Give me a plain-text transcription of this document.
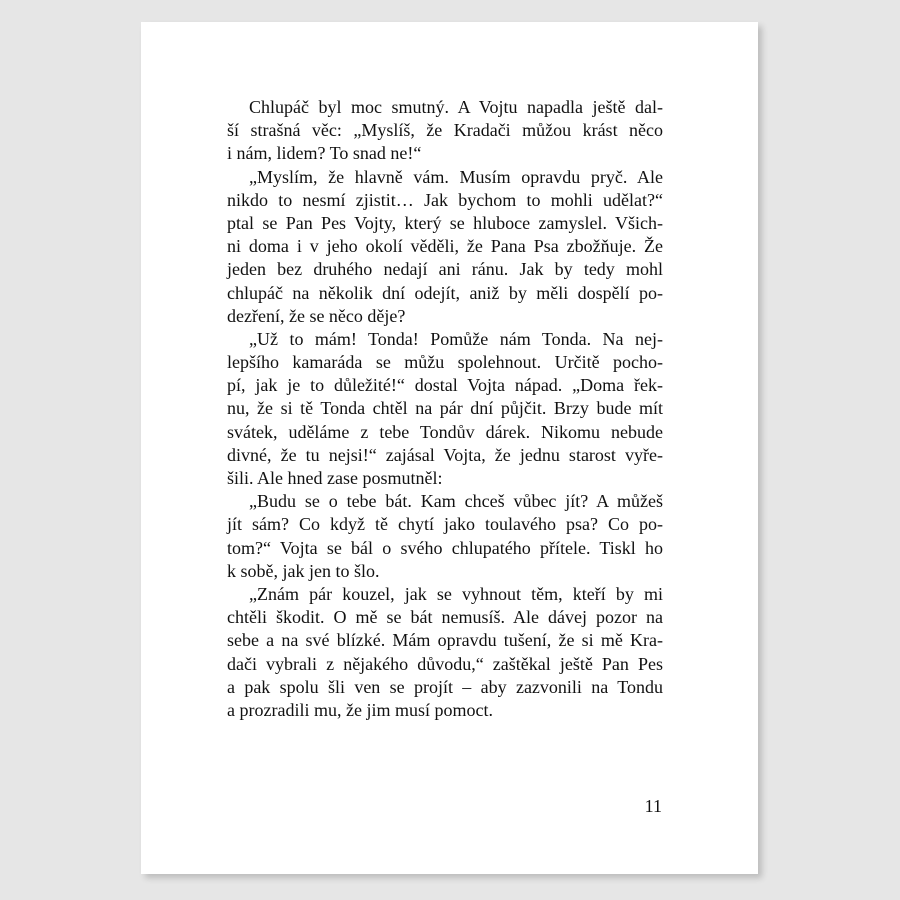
Chlupáč byl moc smutný. A Vojtu napadla ještě dal-
ší strašná věc: „Myslíš, že Kradači můžou krást něco
i nám, lidem? To snad ne!“

„Myslím, že hlavně vám. Musím opravdu pryč. Ale
nikdo to nesmí zjistit… Jak bychom to mohli udělat?“
ptal se Pan Pes Vojty, který se hluboce zamyslel. Všich-
ni doma i v jeho okolí věděli, že Pana Psa zbožňuje. Že
jeden bez druhého nedají ani ránu. Jak by tedy mohl
chlupáč na několik dní odejít, aniž by měli dospělí po-
dezření, že se něco děje?

„Už to mám! Tonda! Pomůže nám Tonda. Na nej-
lepšího kamaráda se můžu spolehnout. Určitě pocho-
pí, jak je to důležité!“ dostal Vojta nápad. „Doma řek-
nu, že si tě Tonda chtěl na pár dní půjčit. Brzy bude mít
svátek, uděláme z tebe Tondův dárek. Nikomu nebude
divné, že tu nejsi!“ zajásal Vojta, že jednu starost vyře-
šili. Ale hned zase posmutněl:

„Budu se o tebe bát. Kam chceš vůbec jít? A můžeš
jít sám? Co když tě chytí jako toulavého psa? Co po-
tom?“ Vojta se bál o svého chlupatého přítele. Tiskl ho
k sobě, jak jen to šlo.

„Znám pár kouzel, jak se vyhnout těm, kteří by mi
chtěli škodit. O mě se bát nemusíš. Ale dávej pozor na
sebe a na své blízké. Mám opravdu tušení, že si mě Kra-
dači vybrali z nějakého důvodu,“ zaštěkal ještě Pan Pes
a pak spolu šli ven se projít – aby zazvonili na Tondu
a prozradili mu, že jim musí pomoct.

11
